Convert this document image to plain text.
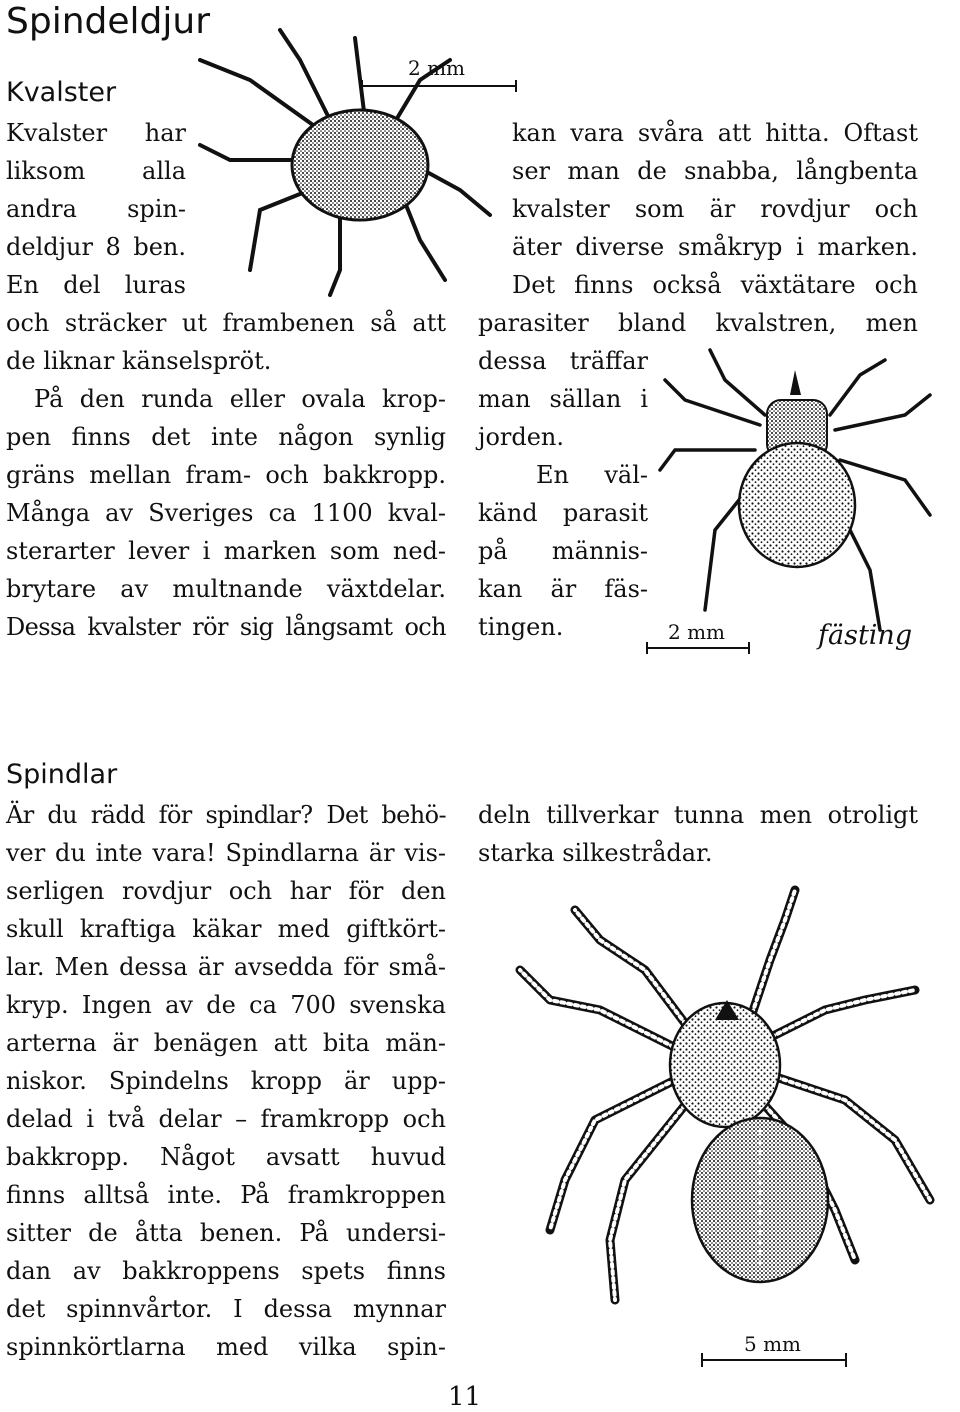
Spindeldjur
Kvalster
Kvalster har
liksom alla
andra spin-
deldjur 8 ben.
En del luras
och sträcker ut frambenen så att
de liknar känselspröt.
På den runda eller ovala krop-
pen finns det inte någon synlig
gräns mellan fram- och bakkropp.
Många av Sveriges ca 1100 kval-
sterarter lever i marken som ned-
brytare av multnande växtdelar.
Dessa kvalster rör sig långsamt och
kan vara svåra att hitta. Oftast
ser man de snabba, långbenta
kvalster som är rovdjur och
äter diverse småkryp i marken.
Det finns också växtätare och
parasiter bland kvalstren, men
dessa träffar
man sällan i
jorden.
En väl-
känd parasit
på männis-
kan är fäs-
tingen.
2 mm
2 mm	fästing
Spindlar
Är du rädd för spindlar? Det behö-
ver du inte vara! Spindlarna är vis-
serligen rovdjur och har för den
skull kraftiga käkar med giftkört-
lar. Men dessa är avsedda för små-
kryp. Ingen av de ca 700 svenska
arterna är benägen att bita män-
niskor. Spindelns kropp är upp-
delad i två delar – framkropp och
bakkropp. Något avsatt huvud
finns alltså inte. På framkroppen
sitter de åtta benen. På undersi-
dan av bakkroppens spets finns
det spinnvårtor. I dessa mynnar
spinnkörtlarna med vilka spin-
deln tillverkar tunna men otroligt
starka silkestrådar.
5 mm
11
